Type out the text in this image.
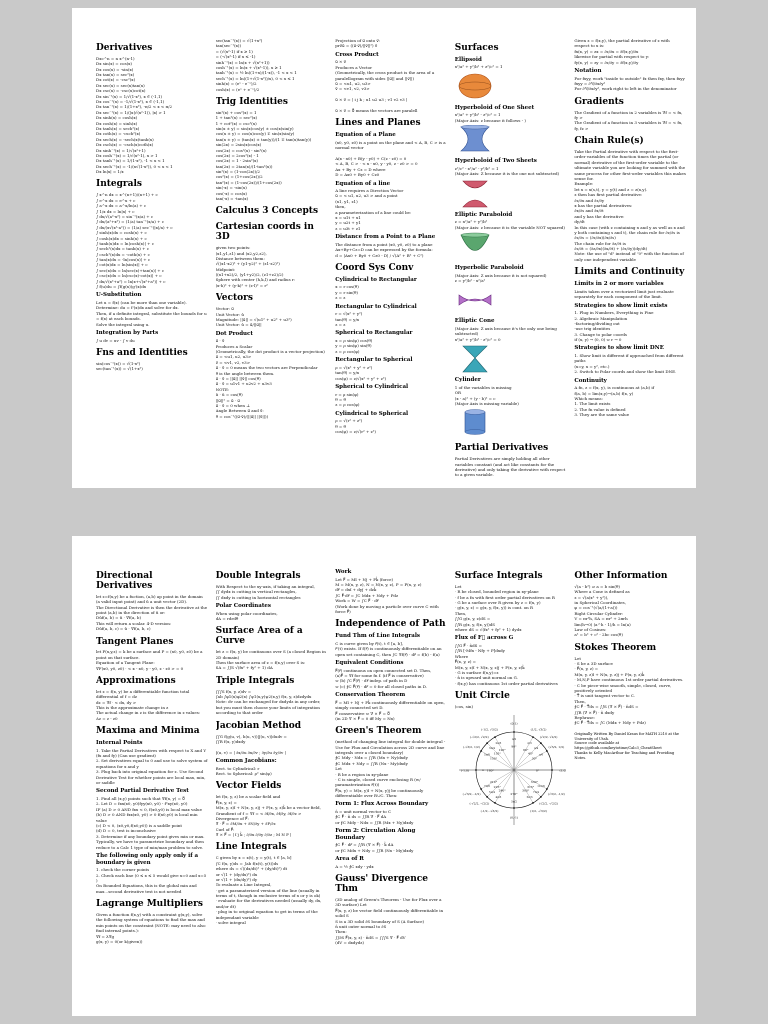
Derivatives
Dxc^n = n x^(n-1)
Dx sin(x) = cos(x)
Dx cos(x) = -sin(x)
Dx tan(x) = sec²(x)
Dx cot(x) = -csc²(x)
Dx sec(x) = sec(x)tan(x)
Dx csc(x) = -csc(x)cot(x)
Dx sin⁻¹(x) = 1/√(1-x²), x ∈ (-1,1)
Dx cos⁻¹(x) = -1/√(1-x²), x ∈ (-1,1)
Dx tan⁻¹(x) = 1/(1+x²), -π/2 < x < π/2
Dx sec⁻¹(x) = 1/(|x|√(x²-1)), |x| > 1
Dx sinh(x) = cosh(x)
Dx cosh(x) = sinh(x)
Dx tanh(x) = sech²(x)
Dx coth(x) = -csch²(x)
Dx sech(x) = -sech(x)tanh(x)
Dx csch(x) = -csch(x)coth(x)
Dx sinh⁻¹(x) = 1/√(x²+1)
Dx cosh⁻¹(x) = 1/√(x²-1), x > 1
Dx tanh⁻¹(x) = 1/(1-x²), -1 < x < 1
Dx sech⁻¹(x) = -1/(x√(1-x²)), 0 < x < 1
Dx ln|x| = 1/x
Integrals
∫ x^n dx = x^(n+1)/(n+1) + c
∫ e^x dx = e^x + c
∫ a^x dx = a^x/ln(a) + c
∫ 1/x dx = ln|x| + c
∫ dx/√(a²-x²) = sin⁻¹(x/a) + c
∫ dx/(a²+x²) = (1/a) tan⁻¹(x/a) + c
∫ dx/(x√(x²-a²)) = (1/a) sec⁻¹(|x|/a) + c
∫ sinh(x)dx = cosh(x) + c
∫ cosh(x)dx = sinh(x) + c
∫ tanh(x)dx = ln|cosh(x)| + c
∫ sech²(x)dx = tanh(x) + c
∫ csch²(x)dx = -coth(x) + c
∫ tan(x)dx = -ln|cos(x)| + c
∫ cot(x)dx = ln|sin(x)| + c
∫ sec(x)dx = ln|sec(x)+tan(x)| + c
∫ csc(x)dx = ln|csc(x)-cot(x)| + c
∫ dx/√(x²+a²) = ln|x+√(x²+a²)| + c
∫ f(u)du = ∫f(g(x))g'(x)dx
U-Substitution
Let u = f(x) (can be more than one variable).
Determine: du = f'(x)dx and solve for dx.
Then, if a definite integral, substitute the bounds for u = f(x) at each bounds.
Solve the integral using u.
Integration by Parts
∫ u dv = uv - ∫ v du
Fns and Identities
sin(cos⁻¹(x)) = √(1-x²)
sec(tan⁻¹(x)) = √(1+x²)
sec(tan⁻¹(x)) = √(1+x²)
tan(sec⁻¹(x))
= (√(x²-1) if x ≥ 1)
= (-√(x²-1) if x ≤ -1)
sinh⁻¹(x) = ln(x + √(x²+1))
cosh⁻¹(x) = ln(x + √(x²-1)), x ≥ 1
tanh⁻¹(x) = ½ ln((1+x)/(1-x)), -1 < x < 1
sech⁻¹(x) = ln((1+√(1-x²))/x), 0 < x ≤ 1
sinh(x) = (eˣ - e⁻ˣ)/2
cosh(x) = (eˣ + e⁻ˣ)/2
Trig Identities
sin²(x) + cos²(x) = 1
1 + tan²(x) = sec²(x)
1 + cot²(x) = csc²(x)
sin(x ± y) = sin(x)cos(y) ± cos(x)sin(y)
cos(x ± y) = cos(x)cos(y) ∓ sin(x)sin(y)
tan(x ± y) = (tan(x) ± tan(y))/(1 ∓ tan(x)tan(y))
sin(2x) = 2sin(x)cos(x)
cos(2x) = cos²(x) - sin²(x)
cos(2x) = 2cos²(x) - 1
cos(2x) = 1 - 2sin²(x)
tan(2x) = 2tan(x)/(1-tan²(x))
sin²(x) = (1-cos(2x))/2
cos²(x) = (1+cos(2x))/2
tan²(x) = (1-cos(2x))/(1+cos(2x))
sin(-x) = -sin(x)
cos(-x) = cos(x)
tan(-x) = -tan(x)
Calculus 3 Concepts
Cartesian coords in 3D
given two points:
(x1,y1,z1) and (x2,y2,z2),
Distance between them:
√((x1-x2)² + (y1-y2)² + (z1-z2)²)
Midpoint:
((x1+x2)/2, (y1+y2)/2, (z1+z2)/2)
Sphere with center (h,k,l) and radius r:
(x-h)² + (y-k)² + (z-l)² = r²
Vectors
Vector: u⃗
Unit Vector: û
Magnitude: ||u⃗|| = √(u1² + u2² + u3²)
Unit Vector: û = u⃗/||u⃗||
Dot Product
u⃗ · v⃗
Produces a Scalar
(Geometrically, the dot product is a vector projection)
u⃗ = <u1, u2, u3>
v⃗ = <v1, v2, v3>
u⃗ · v⃗ = 0 means the two vectors are Perpendicular
θ is the angle between them.
u⃗ · v⃗ = ||u⃗|| ||v⃗|| cos(θ)
u⃗ · v⃗ = u1v1 + u2v2 + u3v3
NOTE:
û · û = cos(θ)
||u⃗||² = u⃗ · u⃗
u⃗ · v⃗ = 0 when ⊥
Angle Between u⃗ and v⃗:
θ = cos⁻¹((u⃗·v⃗)/(||u⃗|| ||v⃗||))
Projection of u⃗ onto v⃗:
prv⃗u⃗ = ((u⃗·v⃗)/||v⃗||²) v⃗
Cross Product
u⃗ × v⃗
Produces a Vector
(Geometrically, the cross product is the area of a paralellogram with sides ||u⃗|| and ||v⃗||)
u⃗ = <u1, u2, u3>
v⃗ = <v1, v2, v3>

u⃗ × v⃗ = | i j k ; u1 u2 u3 ; v1 v2 v3 |

u⃗ × v⃗ = 0⃗ means the vectors are paralell
Lines and Planes
Equation of a Plane
(x0, y0, z0) is a point on the plane and < A, B, C > is a normal vector

A(x - x0) + B(y - y0) + C(z - z0) = 0
< A, B, C > · < x - x0, y - y0, z - z0 > = 0
Ax + By + Cz = D where
D = Ax0 + By0 + Cz0
Equation of a line
A line requires a Direction Vector
u⃗ = < u1, u2, u3 > and a point
(x1, y1, z1)
then,
a parameterization of a line could be:
x = u1t + x1
y = u2t + y1
z = u3t + z1
Distance from a Point to a Plane
The distance from a point (x0, y0, z0) to a plane Ax+By+Cz=D can be expressed by the formula:
d = |Ax0 + By0 + Cz0 - D| / √(A² + B² + C²)
Coord Sys Conv
Cylindrical to Rectangular
x = r cos(θ)
y = r sin(θ)
z = z
Rectangular to Cylindrical
r = √(x² + y²)
tan(θ) = y/x
z = z
Spherical to Rectangular
x = ρ sin(φ) cos(θ)
y = ρ sin(φ) sin(θ)
z = ρ cos(φ)
Rectangular to Spherical
ρ = √(x² + y² + z²)
tan(θ) = y/x
cos(φ) = z/√(x² + y² + z²)
Spherical to Cylindrical
r = ρ sin(φ)
θ = θ
z = ρ cos(φ)
Cylindrical to Spherical
ρ = √(r² + z²)
θ = θ
cos(φ) = z/√(r² + z²)
Surfaces
Ellipsoid
x²/a² + y²/b² + z²/c² = 1
Hyperboloid of One Sheet
x²/a² + y²/b² - z²/c² = 1
(Major Axis: z because it follows - )
Hyperboloid of Two Sheets
z²/c² - x²/a² - y²/b² = 1
(Major Axis: Z because it is the one not subtracted)
Elliptic Paraboloid
z = x²/a² + y²/b²
(Major Axis: z because it is the variable NOT squared)
Hyperbolic Paraboloid
(Major Axis: Z axis because it is not squared)
z = y²/b² - x²/a²
Elliptic Cone
(Major Axis: Z axis because it's the only one being subtracted)
x²/a² + y²/b² - z²/c² = 0
Cylinder
1 of the variables is missing
OR
(x - a)² + (y - b)² = c
(Major Axis is missing variable)
Partial Derivatives
Partial Derivatives are simply holding all other variables constant (and act like constants for the derivative) and only taking the derivative with respect to a given variable.
Given z = f(x,y), the partial derivative of z with respect to x is:
fx(x, y) = zx = ∂z/∂x = ∂f(x,y)/∂x
likewise for partial with respect to y:
fy(x, y) = zy = ∂z/∂y = ∂f(x,y)/∂y
Notation
For fxyy, work "inside to outside" fx then fxy, then fxyy
fxyy = ∂³f/∂x∂y²
For ∂³f/∂x∂y², work right to left in the denominator
Gradients
The Gradient of a function in 2 variables is ∇f = < fx, fy >
The Gradient of a function in 3 variables is ∇f = < fx, fy, fz >
Chain Rule(s)
Take the Partial derivative with respect to the first-order variables of the function times the partial (or normal) derivative of the first-order variable to the ultimate variable you are looking for summed with the same process for other first-order variables this makes sense for.
Example:
let x = x(s,t), y = y(t) and z = z(x,y).
z then has first partial derivative:
∂z/∂x and ∂z/∂y
x has the partial derivatives:
∂x/∂s and ∂x/∂t
and y has the derivative:
dy/dt
In this case (with z containing x and y as well as x and y both containing s and t), the chain rule for ∂z/∂s is
∂z/∂s = (∂z/∂x)(∂x/∂s)
The chain rule for ∂z/∂t is
∂z/∂t = (∂z/∂x)(∂x/∂t) + (∂z/∂y)(dy/dt)
Note: the use of "d" instead of "∂" with the function of only one independent variable
Limits and Continuity
Limits in 2 or more variables
Limits taken over a vectorized limit just evaluate separately for each component of the limit.
Strategies to show limit exists
1. Plug in Numbers, Everything is Fine
2. Algebraic Manipulation
-factoring/dividing out
-use trig identites
3. Change to polar coords
if (x, y) → (0, 0) ⇔ r → 0
Strategies to show limit DNE
1. Show limit is different if approached from different paths
(x=y, x = y², etc.)
2. Switch to Polar coords and show the limit DNE.
Continuity
A fn, z = f(x, y), is continuous at (a,b) if
f(a, b) = lim(x,y)→(a,b) f(x, y)
Which means:
1. The limit exists
2. The fn value is defined
3. They are the same value
Directional Derivatives
let z=f(x,y) be a fuction, (a,b) ap point in the domain (a valid input point) and û a unit vector (2D).
The Directional Derivative is then the derivative at the point (a,b) in the direction of û or:
Dûf(a, b) = û · ∇f(a, b)
This will return a scalar. 4-D version:
Dûf(a, b, c) = û · ∇f(a, b, c)
Tangent Planes
let F(x,y,z) = k be a surface and P = (x0, y0, z0) be a point on that surface.
Equation of a Tangent Plane:
∇F(x0, y0, z0) · < x - x0, y - y0, z - z0 > = 0
Approximations
let z = f(x, y) be a differentiable function total differential of f = dz
dz = ∇f · < dx, dy >
This is the approximate change in z
The actual change in z is the difference in z values:
Δz = z - z0
Maxima and Minima
Internal Points
1. Take the Partial Derivatives with respect to X and Y (fx and fy) (Can use gradient)
2. Set derivatives equal to 0 and use to solve system of equations for x and y
3. Plug back into original equation for z. Use Second Derivative Test for whether points are local max, min, or saddle
Second Partial Derivative Test
1. Find all (x,y) points such that ∇f(x, y) = 0⃗
2. Let D = fxx(x0, y0)fyy(x0, y0) - f²xy(x0, y0)
IF (a) D > 0 AND fxx < 0, f(x0,y0) is local max value
(b) D > 0 AND fxx(x0, y0) > 0 f(x0,y0) is local min value
(c) D < 0, (x0,y0,f(x0,y0)) is a saddle point
(d) D = 0, test is inconclusive
3. Determine if any boundary point gives min or max. Typically, we have to parametrize boundary and then reduce to a Calc 1 type of min/max problem to solve.
The following only apply only if a boundary is given
1. check the corner points
2. Check each line (0 ≤ x ≤ 5 would give x=0 and x=5 )
On Bounded Equations, this is the global min and max...second derivative test is not needed
Lagrange Multipliers
Given a function f(x,y) with a constraint g(x,y), solve the following system of equations to find the max and min points on the constraint (NOTE: may need to also find internal points.):
∇f = λ∇g
g(x, y) = 0(or k(given))
Double Integrals
With Respect to the xy-axis, if taking an integral,
∫∫ dydx is cutting in vertical rectangles,
∫∫ dxdy is cutting in horizontal rectangles
Polar Coordinates
When using polar coordinates,
dA = rdrdθ
Surface Area of a Curve
let z = f(x, y) be continuous over S (a closed Region in 2D domain)
Then the surface area of z = f(x,y) over S is:
SA = ∫∫S √(fx² + fy² + 1) dA
Triple Integrals
∫∫∫S f(x, y, z)dv =
∫ab ∫φ1(x)φ2(x) ∫ψ1(x,y)ψ2(x,y) f(x, y, z)dzdydx
Note: dv can be exchanged for dxdydz in any order, but you must then choose your limits of integration according to that order
Jacobian Method
∫∫G f(g(u, v), h(u, v))|J(u, v)|dudv =
∫∫R f(x, y)dxdy

J(u, v) = | ∂x/∂u ∂x/∂v ; ∂y/∂u ∂y/∂v |
Common Jacobians:
Rect. to Cylindrical: r
Rect. to Spherical: ρ² sin(φ)
Vector Fields
let f(x, y, z) be a scalar field and
F⃗(x, y, z) =
M(x, y, z)î + N(x, y, z)ĵ + P(x, y, z)k̂ be a vector field,
Grandient of f = ∇f = < ∂f/∂x, ∂f/∂y, ∂f/∂z >
Divergence of F⃗:
∇ · F⃗ = ∂M/∂x + ∂N/∂y + ∂P/∂z
Curl of F⃗:
∇ × F⃗ = | î ĵ k̂ ; ∂/∂x ∂/∂y ∂/∂z ; M N P |
Line Integrals
C given by x = x(t), y = y(t), t ∈ [a, b]
∫C f(x, y)ds = ∫ab f(x(t), y(t))ds
where ds = √((dx/dt)² + (dy/dt)²) dt
or √(1 + (dy/dx)²) dx
or √(1 + (dx/dy)²) dy
To evaluate a Line Integral,
· get a paramaterized version of the line (usually in terms of t, though in exclusive terms of x or y is ok)
· evaluate for the derivatives needed (usually dy, dx, and/or dt)
· plug in to original equation to get in terms of the independant variable
· solve integral
Work
Let F⃗ = Mî + Nĵ + Pk̂ (force)
M = M(x, y, z), N = N(x, y, z), P = P(x, y, z)
dr⃗ = dxî + dyĵ + dzk̂
∫C F⃗·dr⃗ = ∫C Mdx + Ndy + Pdz
Work = W = ∫C F⃗ · dr⃗
(Work done by moving a particle over curve C with force F⃗)
Independence of Path
Fund Thm of Line Integrals
C is curve given by r⃗(t), t ∈ [a, b],
r⃗'(t) exists. If f(r⃗) is continuously differentiable on an open set containing C, then ∫C ∇f(r⃗) · dr⃗ = f(b) - f(a)
Equivalent Conditions
F⃗(r⃗) continuous on open connected set D. Then,
(a)F⃗ = ∇f for some fn f. (if F⃗ is conservative)
⇔ (b) ∫C F⃗(r⃗) · dr⃗ indep. of path in D
⇔ (c) ∮C F⃗(r⃗) · dr⃗ = 0 for all closed paths in D.
Conservation Theorem
F⃗ = Mî + Nĵ + Pk̂ continuously differentiable on open, simply connected set D.
F⃗ conservative ⇔ ∇ × F⃗ = 0⃗
(in 2D ∇ × F⃗ = 0 iff My = Nx)
Green's Theorem
(method of changing line integral for double integral - Use for Flux and Circulation across 2D curve and line integrals over a closed boundary)
∮C Mdy - Ndx = ∫∫R (Mx + Ny)dxdy
∮C Mdx + Ndy = ∫∫R (Nx - My)dxdy
Let
· R be a region in xy-plane
· C is simple, closed curve enclosing R (w/ paramaterization r⃗(t))
F⃗(x, y) = M(x, y)î + N(x, y)ĵ be continuously differentiable over R∪C. Then:
Form 1: Flux Across Boundary
n̂ = unit normal vector to C
∮C F⃗ · n̂ ds = ∫∫R ∇ · F⃗ dA
or ∮C Mdy - Ndx = ∫∫R (Mx + Ny)dxdy
Form 2: Circulation Along Boundary
∮C F⃗ · dr⃗ = ∫∫R (∇ × F⃗) · k̂ dA
or ∮C Mdx + Ndy = ∫∫R (Nx - My)dxdy
Area of R
A = ½ ∮C xdy - ydx
Gauss' Divergence Thm
(3D analog of Green's Theorem - Use for Flux over a 3D surface) Let
F⃗(x, y, z) be vector field continuously differentiable in solid S
S is a 3D solid ∂S boundary of S (A Surface)
n̂ unit outer normal to ∂S
Then:
∫∫∂S F⃗(x, y, z) · n̂dS = ∫∫∫S ∇ · F⃗ dV
(dV = dxdydz)
Surface Integrals
Let
· R be closed, bounded region in xy-plane
· f be a fn with first order partial derivatives on R
· G be a surface over R given by z = f(x, y)
· g(x, y, z) = g(x, y, f(x, y)) is cont. on R
Then,
∫∫G g(x, y, z)dS =
∫∫R g(x, y, f(x, y))dS
where dS = √(fx² + fy² + 1) dydx
Flux of F⃗ across G
∫∫G F⃗ · n̂dS =
∫∫R [-Mfx - Nfy + P]dxdy
Where
F⃗(x, y, z) =
M(x, y, z)î + N(x, y, z)ĵ + P(x, y, z)k̂
· G is surface f(x,y)=z
· n̂ is upward unit normal on G.
· f(x,y) has continuous 1st order partial derivatives
Unit Circle
(cos, sin)
0°	(1,0)
30°
(√3/2, 1/2)
π/6
45°
(√2/2, √2/2)
π/4
60°
(1/2, √3/2)
π/3
90°
(0,1)
π/2
120°
(-1/2, √3/2)
2π/3
135°
(-√2/2, √2/2)
3π/4
150°
(-√3/2, 1/2)
5π/6
180°
(-1,0)	π
210°
(-√3/2, -1/2)
7π/6 225°
(-√2/2, -√2/2)
5π/4 240°
(-1/2, -√3/2)
4π/3
270°
(0,-1)
3π/2
300°
(1/2, -√3/2)
5π/3
315°
(√2/2, -√2/2)
7π/4
330°
(√3/2, -1/2)
11π/6
Other Information
√(a - b²) ⇒ a = b sin(θ)
Where a Cone is defined as
z = √(a(x² + y²)),
in Spherical Coordinates,
φ = cos⁻¹(√(a/(1+a)))
Right Circular Cylinder:
V = πr²h, SA = πr² + 2πrh
lim(h→0) (a^h - 1)/h = ln(a)
Law of Cosines:
a² = b² + c² - 2bc cos(θ)
Stokes Theorem
Let
· S be a 3D surface
· F⃗(x, y, z) =
M(x, y, z)î + N(x, y, z)ĵ + P(x, y, z)k̂
· M,N,P have continuous 1st order partial derivatives.
· C be piece-wise smooth, simple, closed, curve, positively oriented
· T⃗ is unit tangent vector to C.
Then,
∮C F⃗ · T⃗ds = ∫∫S (∇ × F⃗) · n̂dS =
∫∫R (∇ × F⃗) · n̂ dxdy
Rephrase:
∮C F⃗ · T⃗ds = ∫C (Mdx + Ndy + Pdz)
Originally Written By Daniel Kraus for MATH 2210 at the University of Utah.
Source code available at
https://github.com/keytotime/Calc3_CheatSheet
Thanks to Kelly MacArthur for Teaching and Providing Notes.
